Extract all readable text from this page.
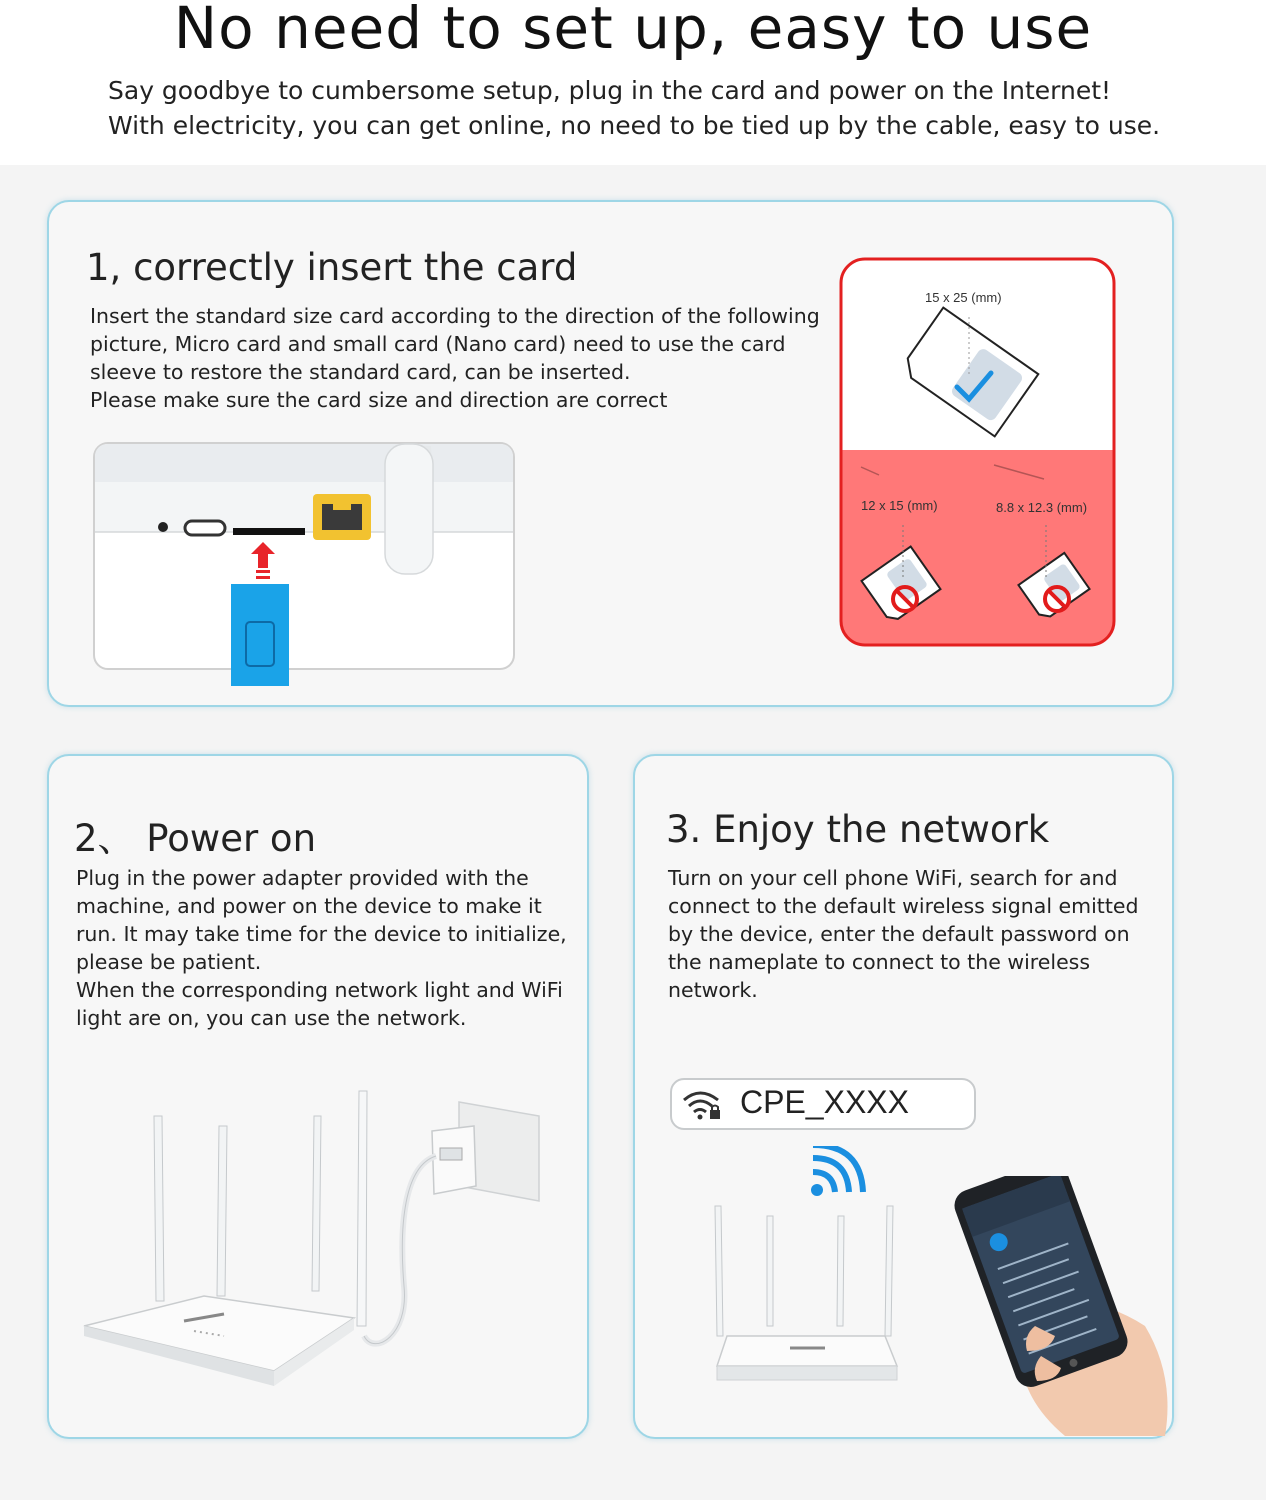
No need to set up, easy to use
Say goodbye to cumbersome setup, plug in the card and power on the Internet!
With electricity, you can get online, no need to be tied up by the cable, easy to use.
1, correctly insert the card

Insert the standard size card according to the direction of the following

picture, Micro card and small card (Nano card) need to use the card

sleeve to restore the standard card, can be inserted.

Please make sure the card size and direction are correct

15 x 25 (mm)
12 x 15 (mm)	8.8 x 12.3 (mm)
2、 Power on

Plug in the power adapter provided with the

machine, and power on the device to make it

run. It may take time for the device to initialize,

please be patient.

When the corresponding network light and WiFi

light are on, you can use the network.

3. Enjoy the network

Turn on your cell phone WiFi, search for and

connect to the default wireless signal emitted

by the device, enter the default password on

the nameplate to connect to the wireless

network.

CPE_XXXX
